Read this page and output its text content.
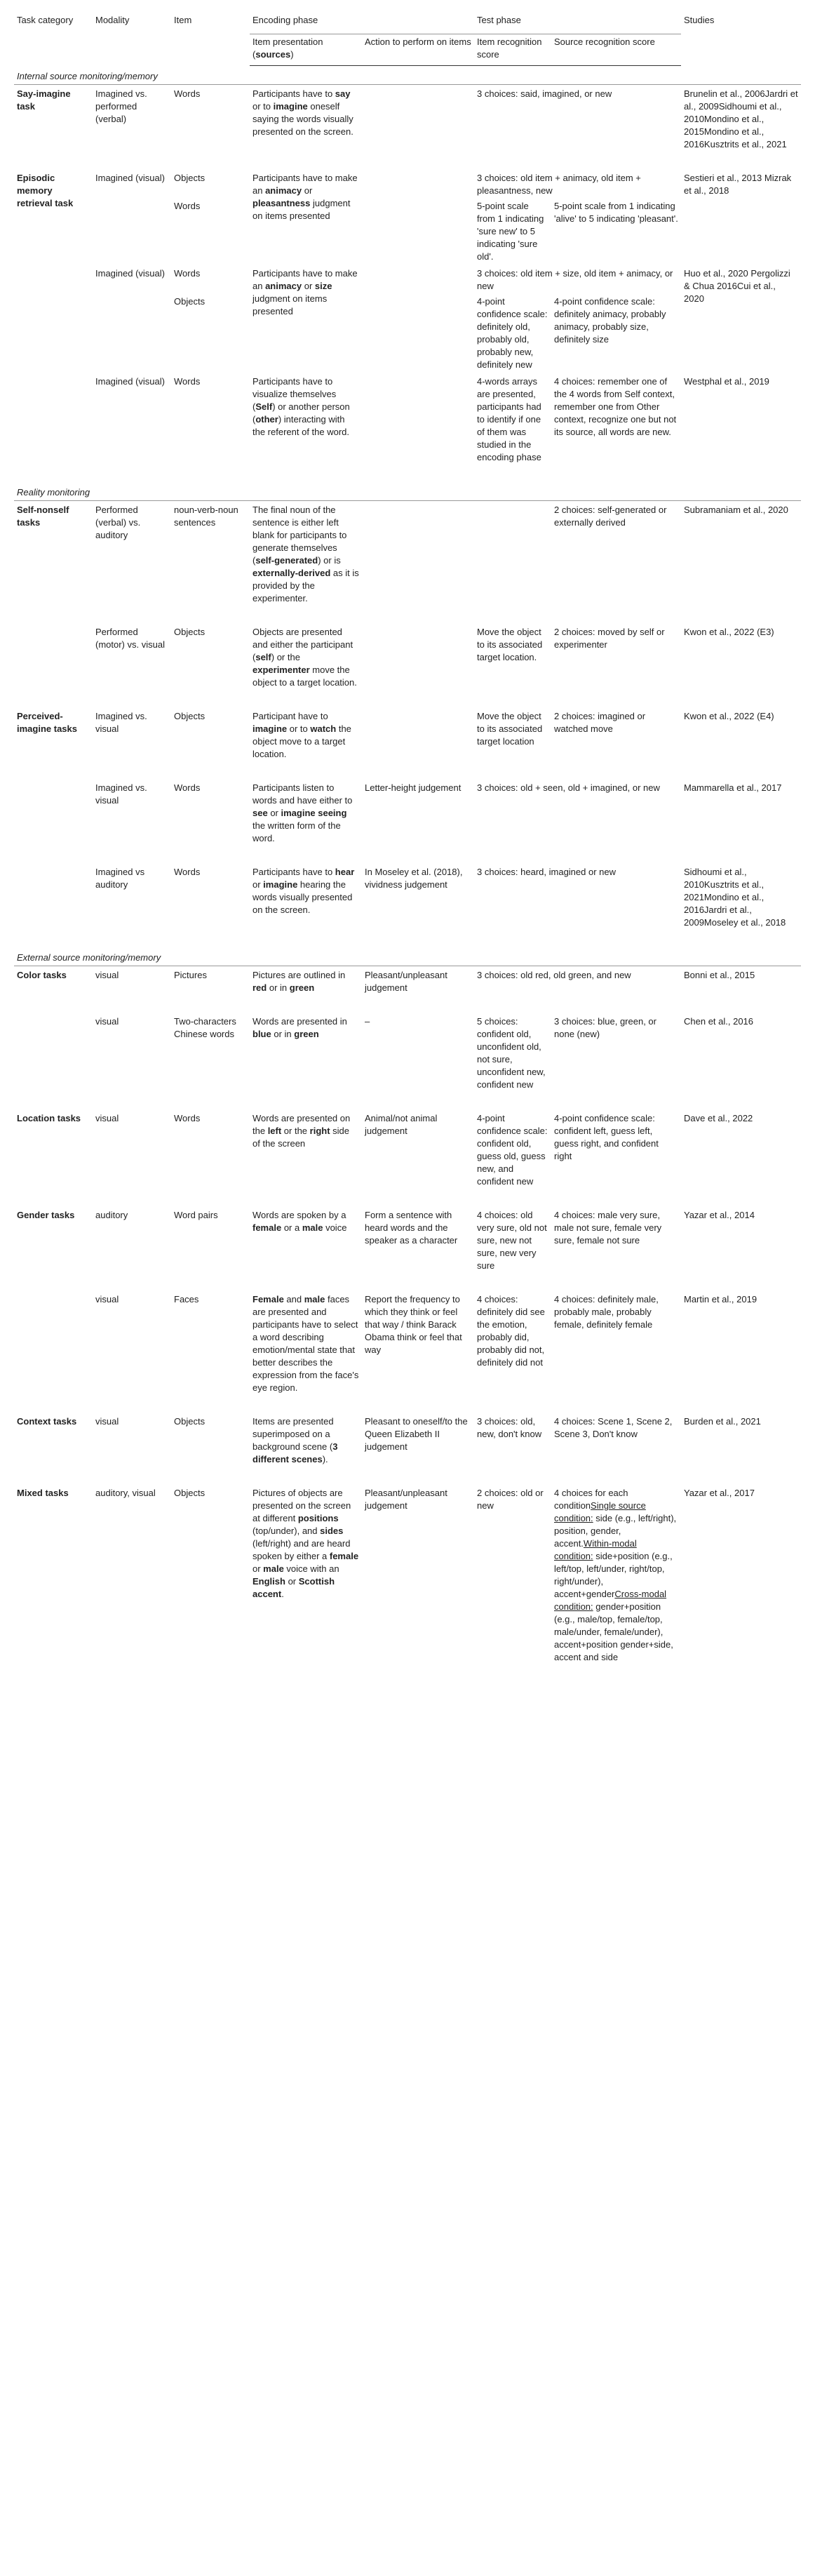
Task category	Modality	Item	Encoding phase		Test phase		Studies	
			Item presentation (sources)	Action to perform on items	Item recognition score	Source recognition score		
Internal source monitoring/memory								
Say-imagine task	Imagined vs. performed (verbal)	Words	Participants have to say or to imagine oneself saying the words visually presented on the screen.		3 choices: said, imagined, or new		Brunelin et al., 2006Jardri et al., 2009Sidhoumi et al., 2010Mondino et al., 2015Mondino et al., 2016Kusztrits et al., 2021	
Episodic memory retrieval task	Imagined (visual)	Objects	Participants have to make an animacy or pleasantness judgment on items presented		3 choices: old item + animacy, old item + pleasantness, new		Sestieri et al., 2013 Mizrak et al., 2018	
		Words			5-point scale from 1 indicating 'sure new' to 5 indicating 'sure old'.	5-point scale from 1 indicating 'alive' to 5 indicating 'pleasant'.		

	Imagined (visual)	Words	Participants have to make an animacy or size judgment on items presented		3 choices: old item + size, old item + animacy, or new		Huo et al., 2020 Pergolizzi & Chua 2016Cui et al., 2020	
		Objects			4-point confidence scale: definitely old, probably old, probably new, definitely new	4-point confidence scale: definitely animacy, probably animacy, probably size, definitely size		

	Imagined (visual)	Words	Participants have to visualize themselves (Self) or another person (other) interacting with the referent of the word.		4-words arrays are presented, participants had to identify if one of them was studied in the encoding phase	4 choices: remember one of the 4 words from Self context, remember one from Other context, recognize one but not its source, all words are new.	Westphal et al., 2019	
Reality monitoring								
Self-nonself tasks	Performed (verbal) vs. auditory	noun-verb-noun sentences	The final noun of the sentence is either left blank for participants to generate themselves (self-generated) or is externally-derived as it is provided by the experimenter.			2 choices: self-generated or externally derived	Subramaniam et al., 2020	
	Performed (motor) vs. visual	Objects	Objects are presented and either the participant (self) or the experimenter move the object to a target location.		Move the object to its associated target location.	2 choices: moved by self or experimenter	Kwon et al., 2022 (E3)	
Perceived-imagine tasks	Imagined vs. visual	Objects	Participant have to imagine or to watch the object move to a target location.		Move the object to its associated target location	2 choices: imagined or watched move	Kwon et al., 2022 (E4)	
	Imagined vs. visual	Words	Participants listen to words and have either to see or imagine seeing the written form of the word.	Letter-height judgement	3 choices: old + seen, old + imagined, or new		Mammarella et al., 2017	
	Imagined vs auditory	Words	Participants have to hear or imagine hearing the words visually presented on the screen.	In Moseley et al. (2018), vividness judgement	3 choices: heard, imagined or new		Sidhoumi et al., 2010Kusztrits et al., 2021Mondino et al., 2016Jardri et al., 2009Moseley et al., 2018	
External source monitoring/memory								
Color tasks	visual	Pictures	Pictures are outlined in red or in green	Pleasant/unpleasant judgement	3 choices: old red, old green, and new		Bonni et al., 2015	
	visual	Two-characters Chinese words	Words are presented in blue or in green	–	5 choices: confident old, unconfident old, not sure, unconfident new, confident new	3 choices: blue, green, or none (new)	Chen et al., 2016	
Location tasks	visual	Words	Words are presented on the left or the right side of the screen	Animal/not animal judgement	4-point confidence scale: confident old, guess old, guess new, and confident new	4-point confidence scale: confident left, guess left, guess right, and confident right	Dave et al., 2022	
Gender tasks	auditory	Word pairs	Words are spoken by a female or a male voice	Form a sentence with heard words and the speaker as a character	4 choices: old very sure, old not sure, new not sure, new very sure	4 choices: male very sure, male not sure, female very sure, female not sure	Yazar et al., 2014	
	visual	Faces	Female and male faces are presented and participants have to select a word describing emotion/mental state that better describes the expression from the face's eye region.	Report the frequency to which they think or feel that way / think Barack Obama think or feel that way	4 choices: definitely did see the emotion, probably did, probably did not, definitely did not	4 choices: definitely male, probably male, probably female, definitely female	Martin et al., 2019	
Context tasks	visual	Objects	Items are presented superimposed on a background scene (3 different scenes).	Pleasant to oneself/to the Queen Elizabeth II judgement	3 choices: old, new, don't know	4 choices: Scene 1, Scene 2, Scene 3, Don't know	Burden et al., 2021	
Mixed tasks	auditory, visual	Objects	Pictures of objects are presented on the screen at different positions (top/under), and sides (left/right) and are heard spoken by either a female or male voice with an English or Scottish accent.	Pleasant/unpleasant judgement	2 choices: old or new	4 choices for each conditionSingle source condition: side (e.g., left/right), position, gender, accent.Within-modal condition: side+position (e.g., left/top, left/under, right/top, right/under), accent+genderCross-modal condition: gender+position (e.g., male/top, female/top, male/under, female/under), accent+position gender+side, accent and side	Yazar et al., 2017	
